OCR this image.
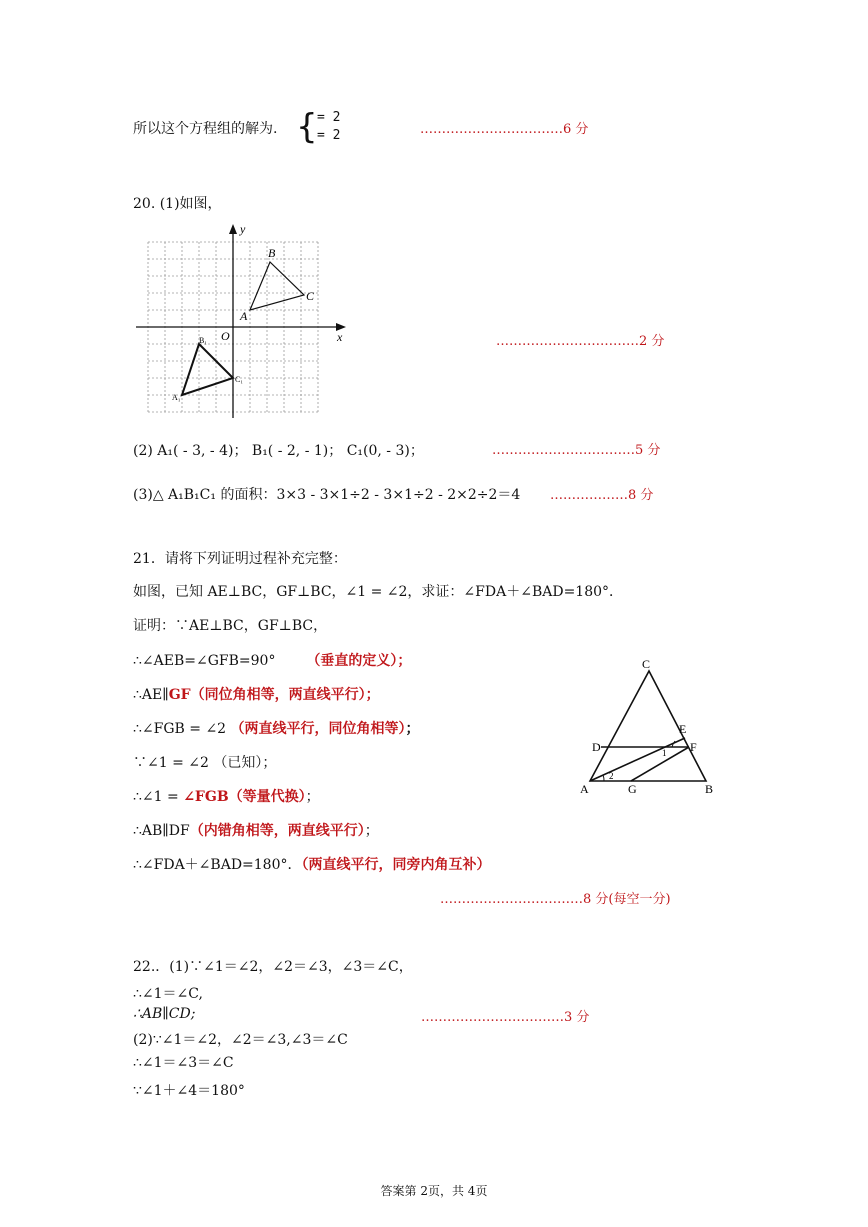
所以这个方程组的解为. { = 2
= 2	……………………………6 分
20. (1)如图，
y
x
O
A
B
C
A₁
B₁
C₁
……………………………2 分
(2) A₁( - 3, - 4)； B₁( - 2, - 1)； C₁(0, - 3)；	……………………………5 分
(3)△ A₁B₁C₁ 的面积：3×3 - 3×1÷2 - 3×1÷2 - 2×2÷2＝4 ………………8 分
21．请将下列证明过程补充完整：
如图，已知 AE⊥BC，GF⊥BC，∠1 = ∠2，求证：∠FDA＋∠BAD=180°．
证明：∵AE⊥BC，GF⊥BC，
∴∠AEB=∠GFB=90° （垂直的定义）；
∴AE∥GF（同位角相等，两直线平行）；
∴∠FGB = ∠2 （两直线平行，同位角相等）；
∵∠1 = ∠2 （已知）；
∴∠1 = ∠FGB（等量代换）；
∴AB∥DF（内错角相等，两直线平行）；
∴∠FDA＋∠BAD=180°．（两直线平行，同旁内角互补）
……………………………8 分(每空一分)
C
E
D	F
A	G	B
1
2
22.．(1)∵∠1＝∠2，∠2＝∠3，∠3＝∠C，
∴∠1＝∠C,
∴AB∥CD;	……………………………3 分
(2)∵∠1＝∠2，∠2＝∠3,∠3＝∠C
∴∠1＝∠3＝∠C
∵∠1＋∠4＝180°
答案第 2页，共 4页
